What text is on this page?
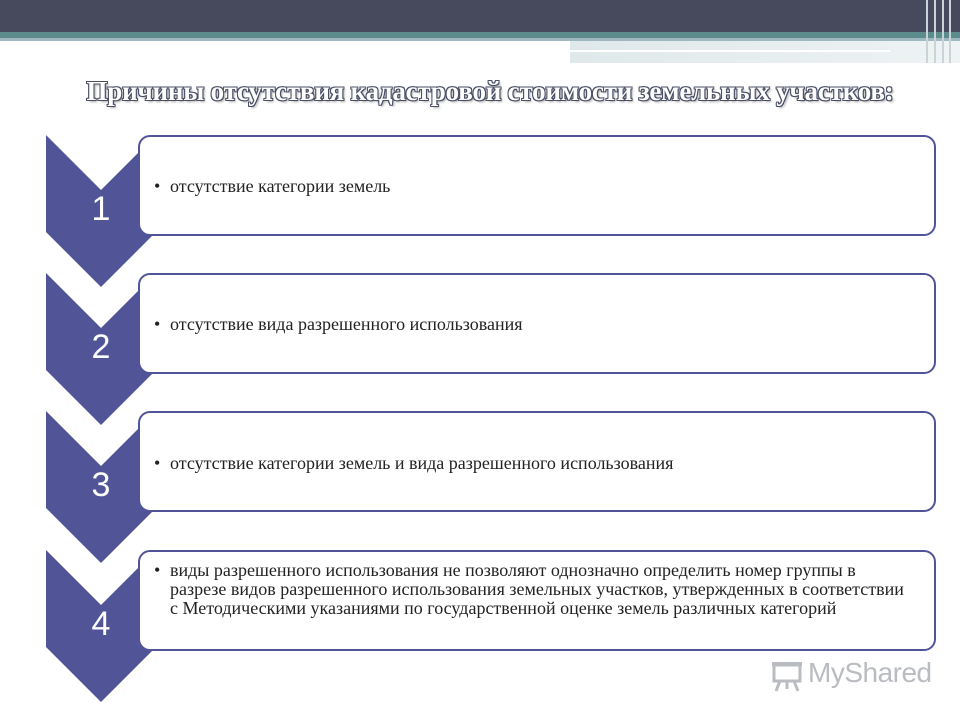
Причины отсутствия кадастровой стоимости земельных участков:
1
• отсутствие категории земель
2
• отсутствие вида разрешенного использования
3
• отсутствие категории земель и вида разрешенного использования
4
• виды разрешенного использования не позволяют однозначно определить номер группы в разрезе видов разрешенного использования земельных участков, утвержденных в соответствии с Методическими указаниями по государственной оценке земель различных категорий
MyShared
